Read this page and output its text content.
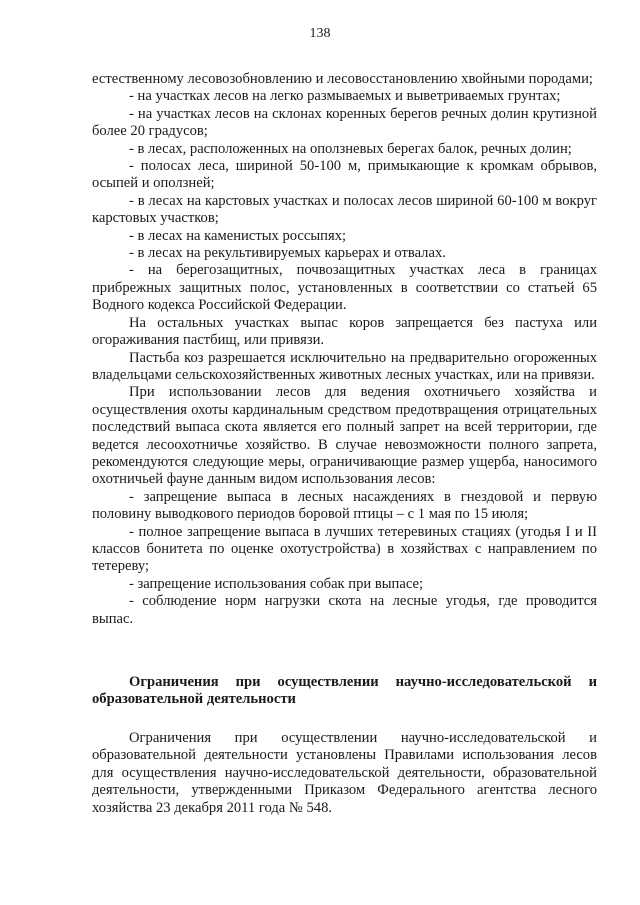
138

естественному лесовозобновлению и лесовосстановлению хвойными породами;

- на участках лесов на легко размываемых и выветриваемых грунтах;

- на участках лесов на склонах коренных берегов речных долин крутизной более 20 градусов;

- в лесах, расположенных на оползневых берегах балок, речных долин;

- полосах леса, шириной 50-100 м, примыкающие к кромкам обрывов, осыпей и оползней;

- в лесах на карстовых участках и полосах лесов шириной 60-100 м вокруг карстовых участков;

- в лесах на каменистых россыпях;

- в лесах на рекультивируемых карьерах и отвалах.

- на берегозащитных, почвозащитных участках леса в границах прибрежных защитных полос, установленных в соответствии со статьей 65 Водного кодекса Российской Федерации.

На остальных участках выпас коров запрещается без пастуха или огораживания пастбищ, или привязи.

Пастьба коз разрешается исключительно на предварительно огороженных владельцами сельскохозяйственных животных лесных участках, или на привязи.

При использовании лесов для ведения охотничьего хозяйства и осуществления охоты кардинальным средством предотвращения отрицательных последствий выпаса скота является его полный запрет на всей территории, где ведется лесоохотничье хозяйство. В случае невозможности полного запрета, рекомендуются следующие меры, ограничивающие размер ущерба, наносимого охотничьей фауне данным видом использования лесов:

- запрещение выпаса в лесных насаждениях в гнездовой и первую половину выводкового периодов боровой птицы – с 1 мая по 15 июля;

- полное запрещение выпаса в лучших тетеревиных стациях (угодья I и II классов бонитета по оценке охотустройства) в хозяйствах с направлением по тетереву;

- запрещение использования собак при выпасе;

- соблюдение норм нагрузки скота на лесные угодья, где проводится выпас.

Ограничения при осуществлении научно-исследовательской и образовательной деятельности

Ограничения при осуществлении научно-исследовательской и образовательной деятельности установлены Правилами использования лесов для осуществления научно-исследовательской деятельности, образовательной деятельности, утвержденными Приказом Федерального агентства лесного хозяйства 23 декабря 2011 года № 548.
